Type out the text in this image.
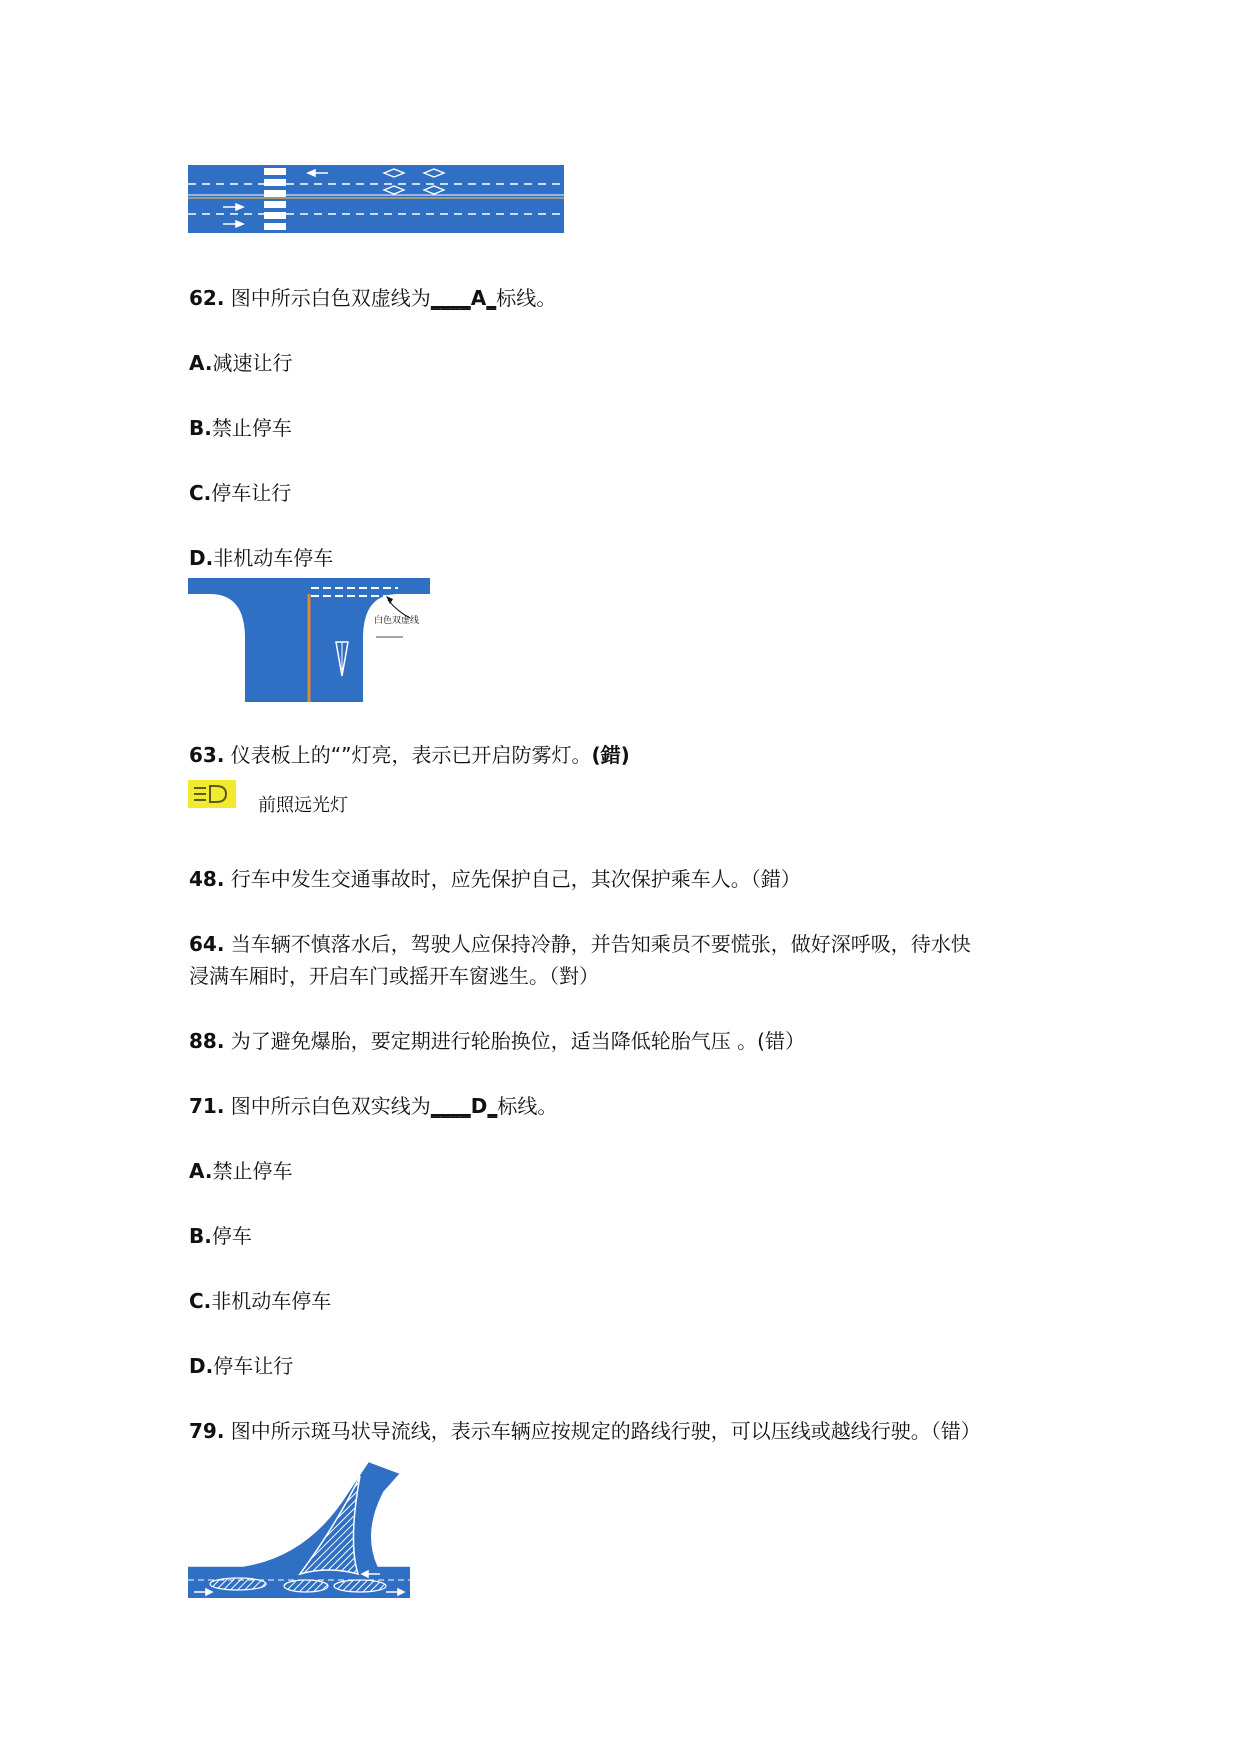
62. 图中所示白色双虚线为____A_标线。
A.减速让行
B.禁止停车
C.停车让行
D.非机动车停车
白色双虚线
63. 仪表板上的“”灯亮，表示已开启防雾灯。(錯)
前照远光灯
48. 行车中发生交通事故时，应先保护自己，其次保护乘车人。（錯）
64. 当车辆不慎落水后，驾驶人应保持冷静，并告知乘员不要慌张，做好深呼吸，待水快
浸满车厢时，开启车门或摇开车窗逃生。（對）
88. 为了避免爆胎，要定期进行轮胎换位，适当降低轮胎气压 。(错）
71. 图中所示白色双实线为____D_标线。
A.禁止停车
B.停车
C.非机动车停车
D.停车让行
79. 图中所示斑马状导流线，表示车辆应按规定的路线行驶，可以压线或越线行驶。（错）
